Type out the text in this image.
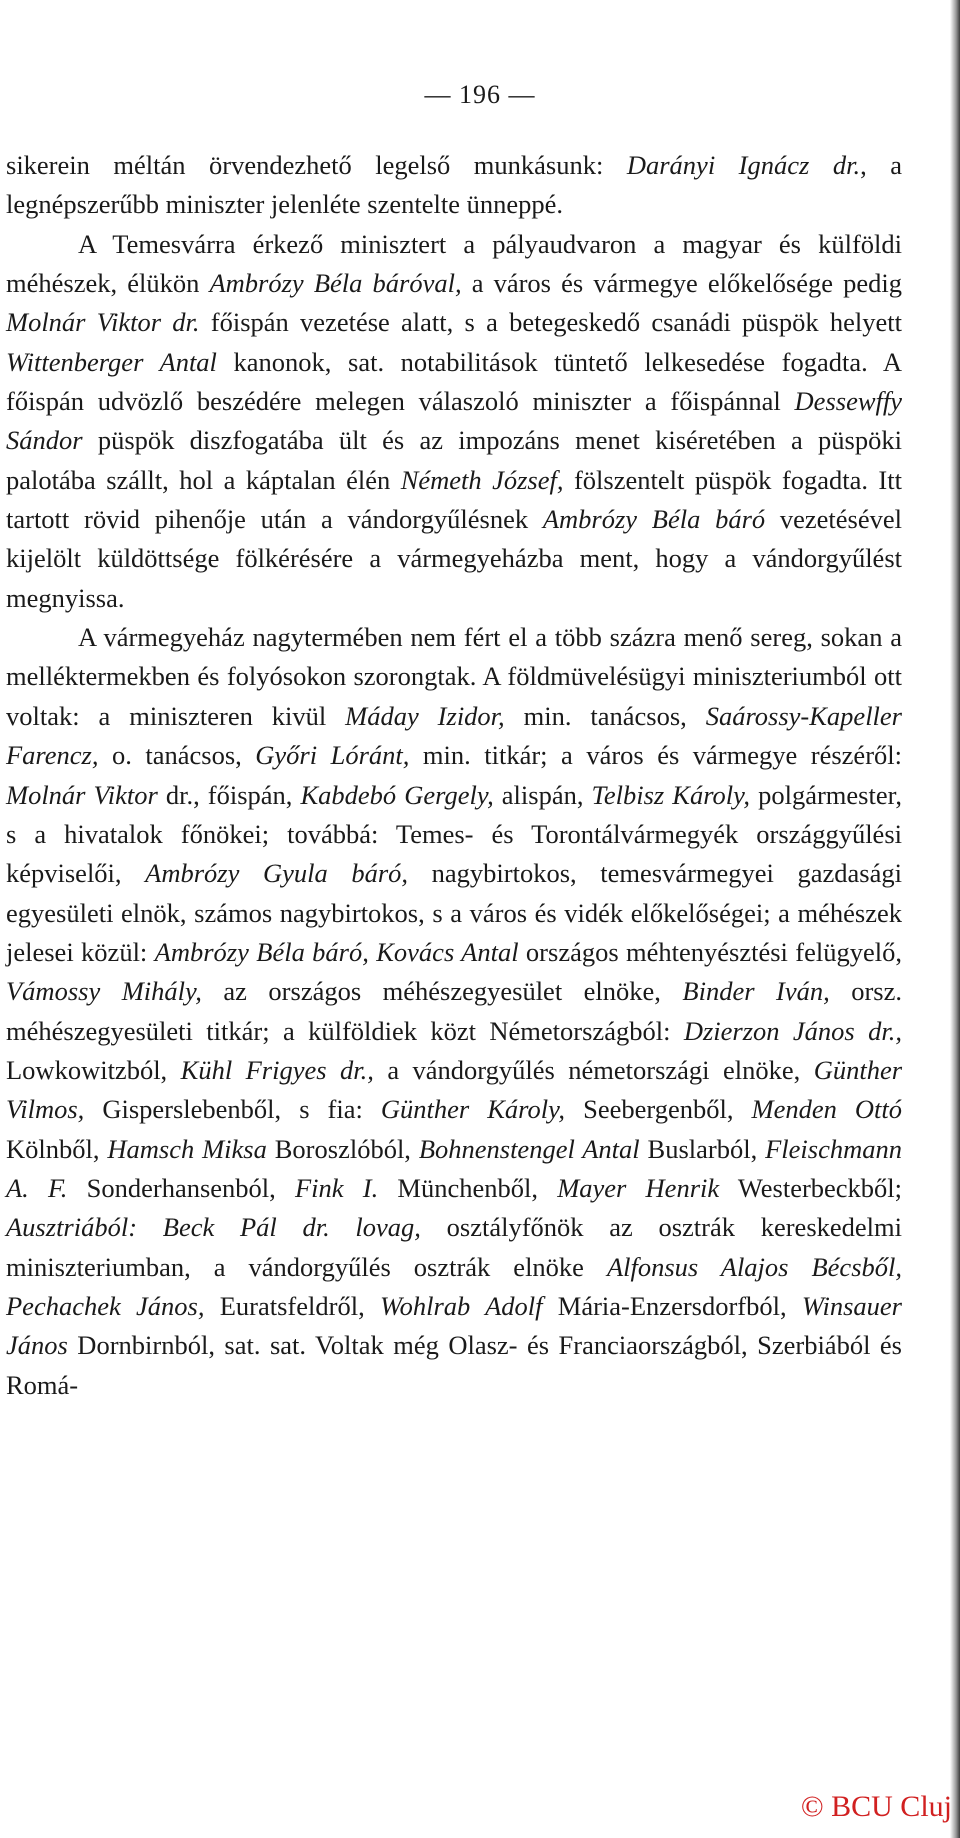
— 196 —

sikerein méltán örvendezhető legelső munkásunk: Darányi Ignácz dr., a legnépszerűbb miniszter jelenléte szentelte ünneppé.

A Temesvárra érkező minisztert a pályaudvaron a magyar és külföldi méhészek, élükön Ambrózy Béla báróval, a város és vármegye előkelősége pedig Molnár Viktor dr. főispán vezetése alatt, s a betegeskedő csanádi püspök helyett Wittenberger Antal kanonok, sat. notabilitások tüntető lelkesedése fogadta. A főispán udvözlő beszédére melegen válaszoló miniszter a főispánnal Dessewffy Sándor püspök diszfogatába ült és az impozáns menet kiséretében a püspöki palotába szállt, hol a káptalan élén Németh József, fölszentelt püspök fogadta. Itt tartott rövid pihenője után a vándorgyűlésnek Ambrózy Béla báró vezetésével kijelölt küldöttsége fölkérésére a vármegyeházba ment, hogy a vándorgyűlést megnyissa.

A vármegyeház nagytermében nem fért el a több százra menő sereg, sokan a melléktermekben és folyósokon szorongtak. A földmüvelésügyi miniszteriumból ott voltak: a miniszteren kivül Máday Izidor, min. tanácsos, Saárossy-Kapeller Farencz, o. tanácsos, Győri Lóránt, min. titkár; a város és vármegye részéről: Molnár Viktor dr., főispán, Kabdebó Gergely, alispán, Telbisz Károly, polgármester, s a hivatalok főnökei; továbbá: Temes- és Torontálvármegyék országgyűlési képviselői, Ambrózy Gyula báró, nagybirtokos, temesvármegyei gazdasági egyesületi elnök, számos nagybirtokos, s a város és vidék előkelőségei; a méhészek jelesei közül: Ambrózy Béla báró, Kovács Antal országos méhtenyésztési felügyelő, Vámossy Mihály, az országos méhészegyesület elnöke, Binder Iván, orsz. méhészegyesületi titkár; a külföldiek közt Németországból: Dzierzon János dr., Lowkowitzból, Kühl Frigyes dr., a vándorgyűlés németországi elnöke, Günther Vilmos, Gisperslebenből, s fia: Günther Károly, Seebergenből, Menden Ottó Kölnből, Hamsch Miksa Boroszlóból, Bohnenstengel Antal Buslarból, Fleischmann A. F. Sonderhansenból, Fink I. Münchenből, Mayer Henrik Westerbeckből; Ausztriából: Beck Pál dr. lovag, osztályfőnök az osztrák kereskedelmi miniszteriumban, a vándorgyűlés osztrák elnöke Alfonsus Alajos Bécsből, Pechachek János, Euratsfeldről, Wohlrab Adolf Mária-Enzersdorfból, Winsauer János Dornbirnból, sat. sat. Voltak még Olasz- és Franciaországból, Szerbiából és Romá-

© BCU Cluj
